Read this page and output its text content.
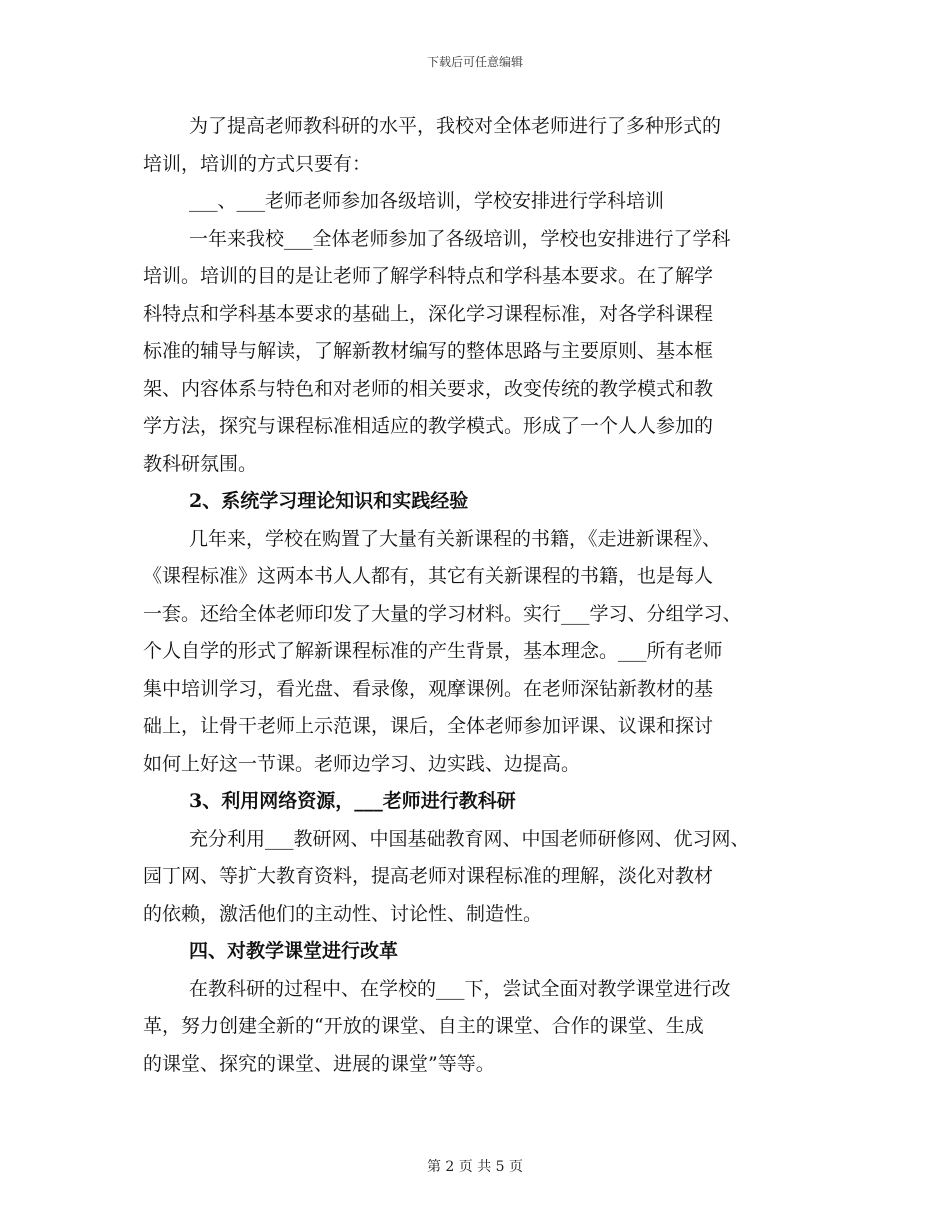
下载后可任意编辑
为了提高老师教科研的水平，我校对全体老师进行了多种形式的
培训，培训的方式只要有：
___、___老师老师参加各级培训，学校安排进行学科培训
一年来我校___全体老师参加了各级培训，学校也安排进行了学科
培训。培训的目的是让老师了解学科特点和学科基本要求。在了解学
科特点和学科基本要求的基础上，深化学习课程标准，对各学科课程
标准的辅导与解读，了解新教材编写的整体思路与主要原则、基本框
架、内容体系与特色和对老师的相关要求，改变传统的教学模式和教
学方法，探究与课程标准相适应的教学模式。形成了一个人人参加的
教科研氛围。
2、系统学习理论知识和实践经验
几年来，学校在购置了大量有关新课程的书籍，《走进新课程》、
《课程标准》这两本书人人都有，其它有关新课程的书籍，也是每人
一套。还给全体老师印发了大量的学习材料。实行___学习、分组学习、
个人自学的形式了解新课程标准的产生背景，基本理念。___所有老师
集中培训学习，看光盘、看录像，观摩课例。在老师深钻新教材的基
础上，让骨干老师上示范课，课后，全体老师参加评课、议课和探讨
如何上好这一节课。老师边学习、边实践、边提高。
3、利用网络资源，___老师进行教科研
充分利用___教研网、中国基础教育网、中国老师研修网、优习网、
园丁网、等扩大教育资料，提高老师对课程标准的理解，淡化对教材
的依赖，激活他们的主动性、讨论性、制造性。
四、对教学课堂进行改革
在教科研的过程中、在学校的___下，尝试全面对教学课堂进行改
革，努力创建全新的“开放的课堂、自主的课堂、合作的课堂、生成
的课堂、探究的课堂、进展的课堂”等等。
第 2 页 共 5 页
